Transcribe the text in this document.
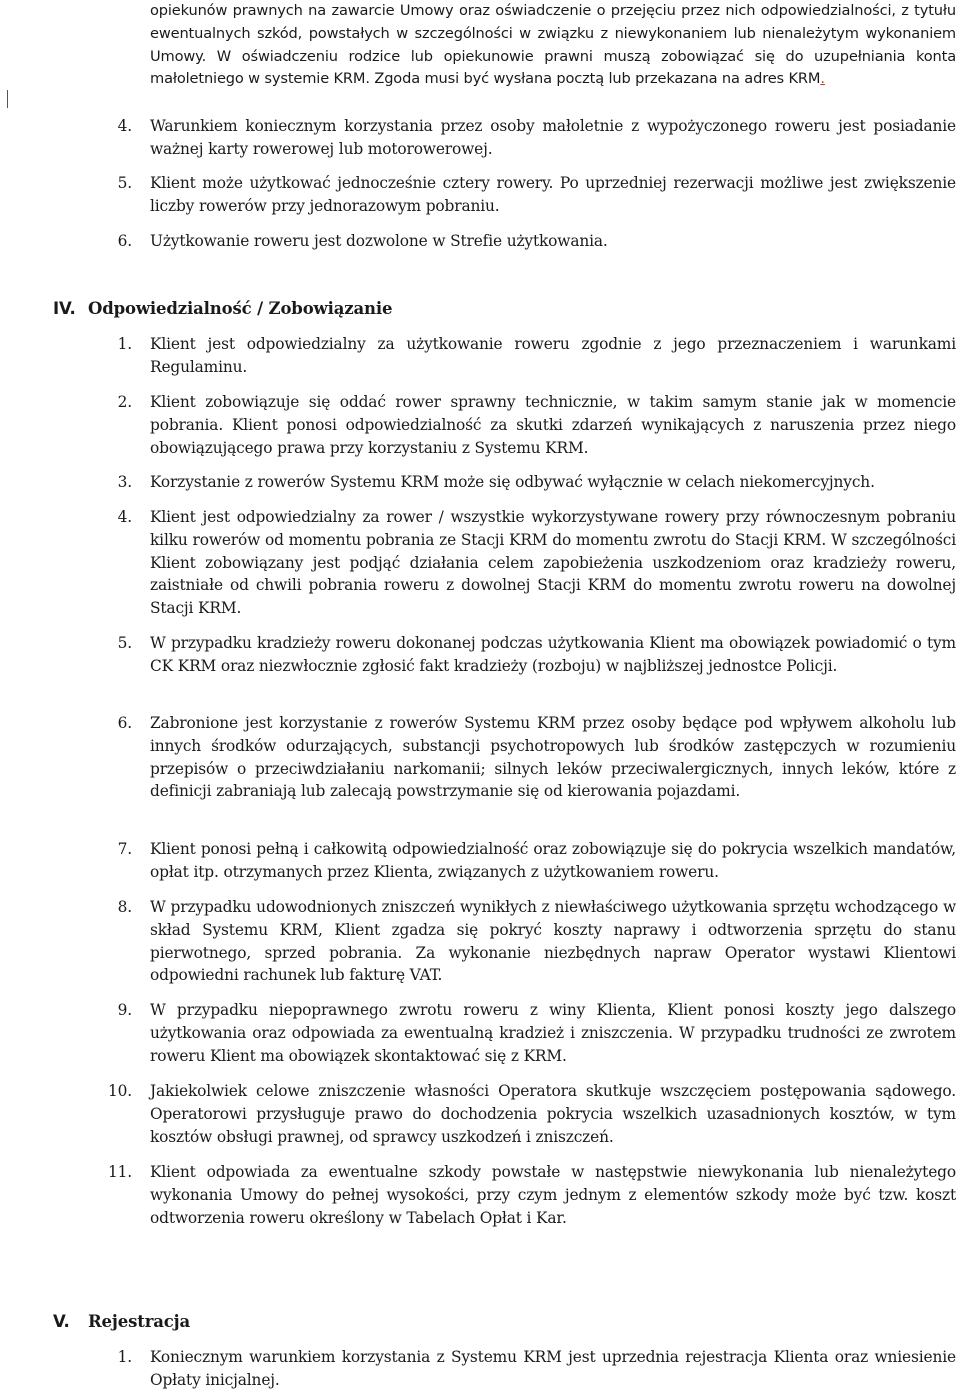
opiekunów prawnych na zawarcie Umowy oraz oświadczenie o przejęciu przez nich odpowiedzialności, z tytułu ewentualnych szkód, powstałych w szczególności w związku z niewykonaniem lub nienależytym wykonaniem Umowy. W oświadczeniu rodzice lub opiekunowie prawni muszą zobowiązać się do uzupełniania konta małoletniego w systemie KRM. Zgoda musi być wysłana pocztą lub przekazana na adres KRM.

4. Warunkiem koniecznym korzystania przez osoby małoletnie z wypożyczonego roweru jest posiadanie ważnej karty rowerowej lub motorowerowej.

5. Klient może użytkować jednocześnie cztery rowery. Po uprzedniej rezerwacji możliwe jest zwiększenie liczby rowerów przy jednorazowym pobraniu.

6. Użytkowanie roweru jest dozwolone w Strefie użytkowania.

IV. Odpowiedzialność / Zobowiązanie
1. Klient jest odpowiedzialny za użytkowanie roweru zgodnie z jego przeznaczeniem i warunkami Regulaminu.

2. Klient zobowiązuje się oddać rower sprawny technicznie, w takim samym stanie jak w momencie pobrania. Klient ponosi odpowiedzialność za skutki zdarzeń wynikających z naruszenia przez niego obowiązującego prawa przy korzystaniu z Systemu KRM.

3. Korzystanie z rowerów Systemu KRM może się odbywać wyłącznie w celach niekomercyjnych.

4. Klient jest odpowiedzialny za rower / wszystkie wykorzystywane rowery przy równoczesnym pobraniu kilku rowerów od momentu pobrania ze Stacji KRM do momentu zwrotu do Stacji KRM. W szczególności Klient zobowiązany jest podjąć działania celem zapobieżenia uszkodzeniom oraz kradzieży roweru, zaistniałe od chwili pobrania roweru z dowolnej Stacji KRM do momentu zwrotu roweru na dowolnej Stacji KRM.

5. W przypadku kradzieży roweru dokonanej podczas użytkowania Klient ma obowiązek powiadomić o tym CK KRM oraz niezwłocznie zgłosić fakt kradzieży (rozboju) w najbliższej jednostce Policji.

6. Zabronione jest korzystanie z rowerów Systemu KRM przez osoby będące pod wpływem alkoholu lub innych środków odurzających, substancji psychotropowych lub środków zastępczych w rozumieniu przepisów o przeciwdziałaniu narkomanii; silnych leków przeciwalergicznych, innych leków, które z definicji zabraniają lub zalecają powstrzymanie się od kierowania pojazdami.

7. Klient ponosi pełną i całkowitą odpowiedzialność oraz zobowiązuje się do pokrycia wszelkich mandatów, opłat itp. otrzymanych przez Klienta, związanych z użytkowaniem roweru.

8. W przypadku udowodnionych zniszczeń wynikłych z niewłaściwego użytkowania sprzętu wchodzącego w skład Systemu KRM, Klient zgadza się pokryć koszty naprawy i odtworzenia sprzętu do stanu pierwotnego, sprzed pobrania. Za wykonanie niezbędnych napraw Operator wystawi Klientowi odpowiedni rachunek lub fakturę VAT.

9. W przypadku niepoprawnego zwrotu roweru z winy Klienta, Klient ponosi koszty jego dalszego użytkowania oraz odpowiada za ewentualną kradzież i zniszczenia. W przypadku trudności ze zwrotem roweru Klient ma obowiązek skontaktować się z KRM.

10. Jakiekolwiek celowe zniszczenie własności Operatora skutkuje wszczęciem postępowania sądowego. Operatorowi przysługuje prawo do dochodzenia pokrycia wszelkich uzasadnionych kosztów, w tym kosztów obsługi prawnej, od sprawcy uszkodzeń i zniszczeń.

11. Klient odpowiada za ewentualne szkody powstałe w następstwie niewykonania lub nienależytego wykonania Umowy do pełnej wysokości, przy czym jednym z elementów szkody może być tzw. koszt odtworzenia roweru określony w Tabelach Opłat i Kar.

V. Rejestracja
1. Koniecznym warunkiem korzystania z Systemu KRM jest uprzednia rejestracja Klienta oraz wniesienie Opłaty inicjalnej.
